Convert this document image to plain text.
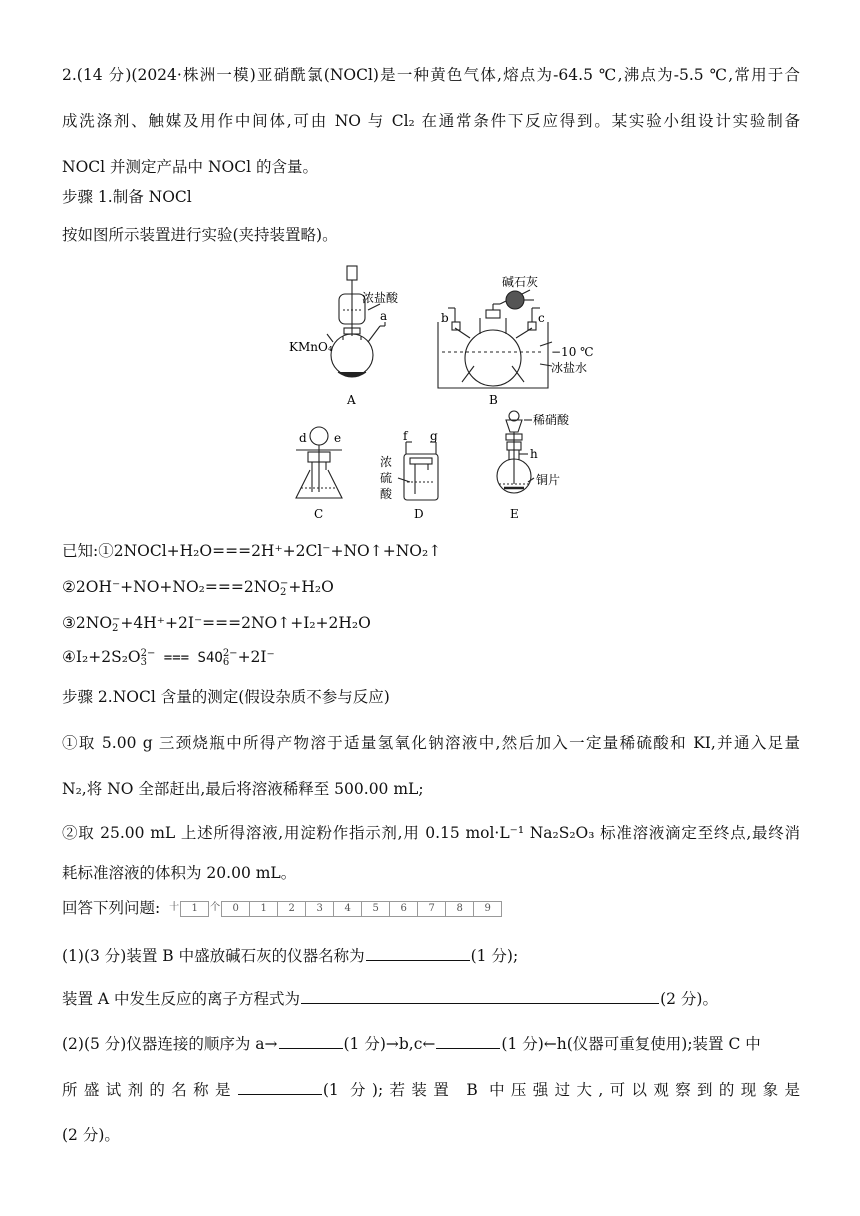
2.(14 分)(2024·株洲一模)亚硝酰氯(NOCl)是一种黄色气体,熔点为-64.5 ℃,沸点为-5.5 ℃,常用于合
成洗涤剂、触媒及用作中间体,可由 NO 与 Cl₂ 在通常条件下反应得到。某实验小组设计实验制备
NOCl 并测定产品中 NOCl 的含量。
步骤 1.制备 NOCl
按如图所示装置进行实验(夹持装置略)。
浓盐酸
KMnO₄
a
A
碱石灰
b	c
−10 ℃
冰盐水
B
d e
C
f g
浓
硫
酸
D
稀硝酸
h
铜片
E
已知:①2NOCl+H₂O===2H⁺+2Cl⁻+NO↑+NO₂↑
②2OH⁻+NO+NO₂===2NO −
2 +H₂O
③2NO −
2 +4H⁺+2I⁻===2NO↑+I₂+2H₂O
④I₂+2S₂O 2−
3 === S4O 2−
6 +2I⁻
步骤 2.NOCl 含量的测定(假设杂质不参与反应)
①取 5.00 g 三颈烧瓶中所得产物溶于适量氢氧化钠溶液中,然后加入一定量稀硫酸和 KI,并通入足量
N₂,将 NO 全部赶出,最后将溶液稀释至 500.00 mL;
②取 25.00 mL 上述所得溶液,用淀粉作指示剂,用 0.15 mol·L⁻¹ Na₂S₂O₃ 标准溶液滴定至终点,最终消
耗标准溶液的体积为 20.00 mL。
回答下列问题: 十	1	个	0	1	2	3	4	5	6	7	8	9
(1)(3 分)装置 B 中盛放碱石灰的仪器名称为	(1 分);
装置 A 中发生反应的离子方程式为	(2 分)。
(2)(5 分)仪器连接的顺序为 a→	(1 分)→b,c←	(1 分)←h(仪器可重复使用);装置 C 中
所盛试剂的名称是	(1 分);若装置 B 中压强过大,可以观察到的现象是
(2 分)。
